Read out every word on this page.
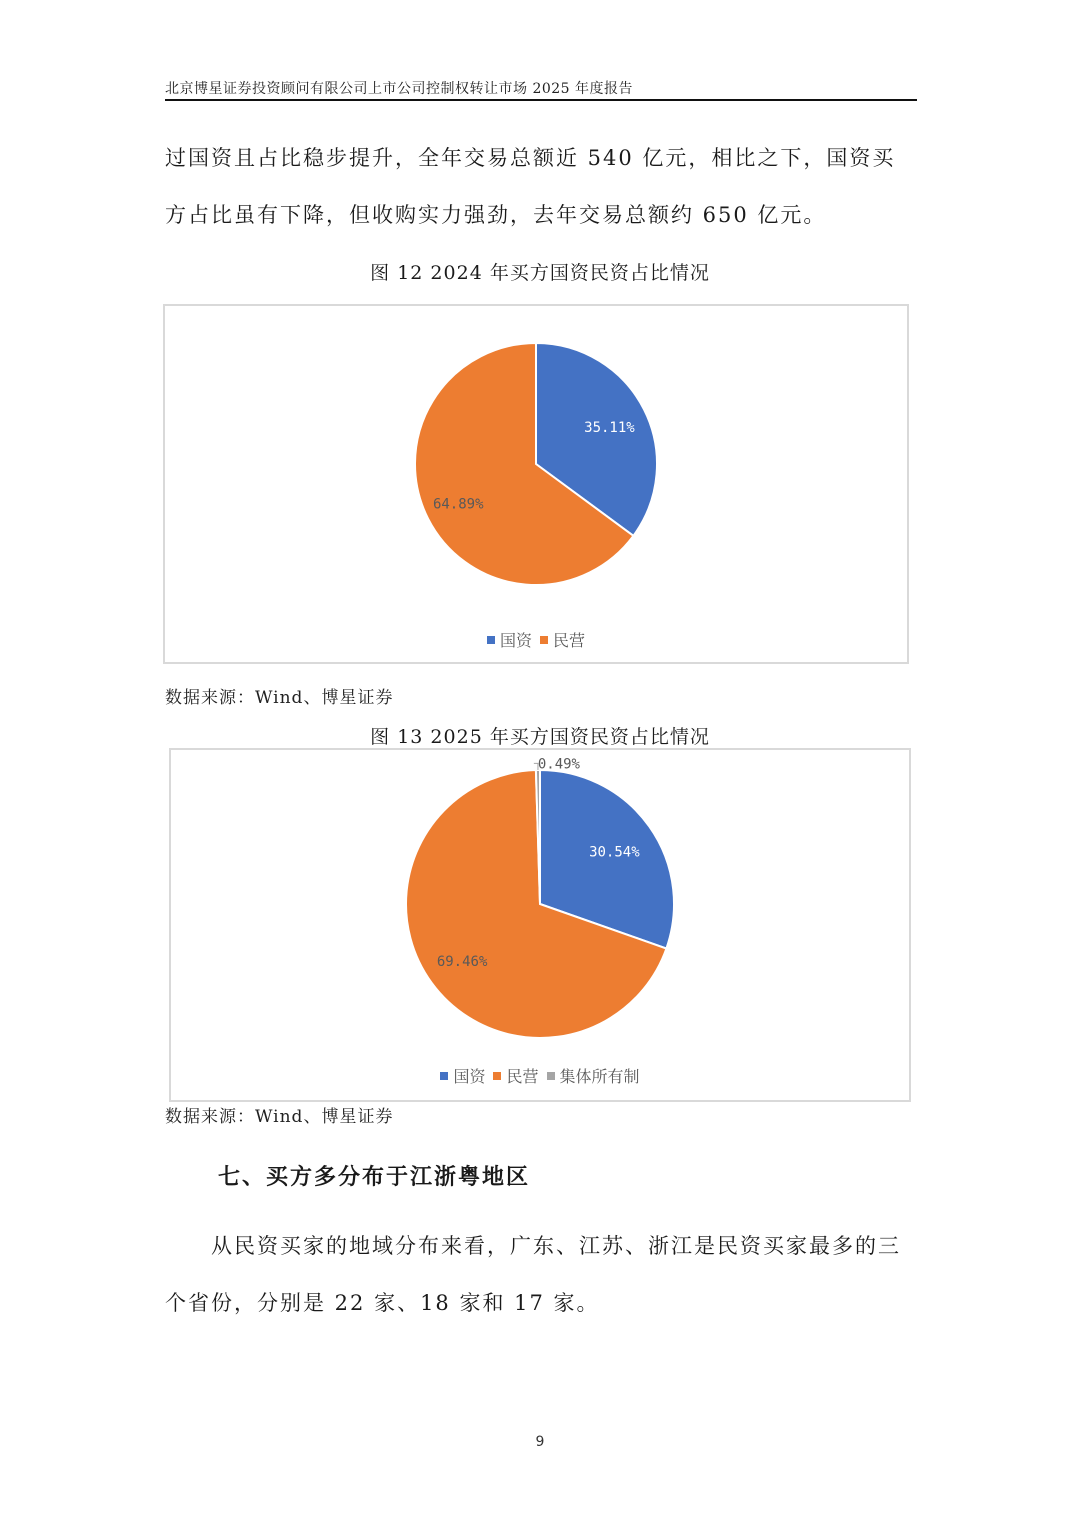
北京博星证券投资顾问有限公司上市公司控制权转让市场 2025 年度报告
过国资且占比稳步提升，全年交易总额近 540 亿元，相比之下，国资买方占比虽有下降，但收购实力强劲，去年交易总额约 650 亿元。
图 12 2024 年买方国资民资占比情况
35.11%
64.89%
国资 民营
数据来源：Wind、博星证券
图 13 2025 年买方国资民资占比情况
30.54%
69.46%
0.49%
国资 民营 集体所有制
数据来源：Wind、博星证券
七、买方多分布于江浙粤地区
从民资买家的地域分布来看，广东、江苏、浙江是民资买家最多的三个省份，分别是 22 家、18 家和 17 家。
9
